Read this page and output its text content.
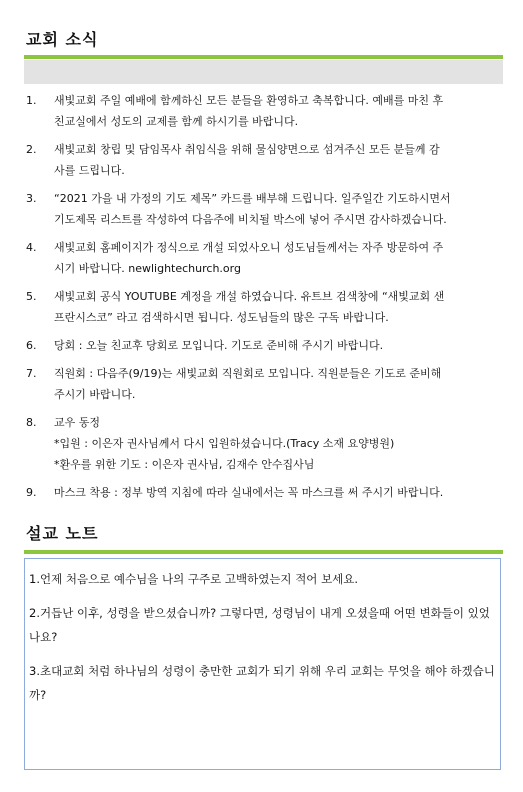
교회 소식
1.	새빛교회 주일 예배에 함께하신 모든 분들을 환영하고 축복합니다. 예배를 마친 후
친교실에서 성도의 교제를 함께 하시기를 바랍니다.
2.	새빛교회 창립 및 담임목사 취임식을 위해 물심양면으로 섬겨주신 모든 분들께 감
사를 드립니다.
3.	“2021 가을 내 가정의 기도 제목” 카드를 배부해 드립니다. 일주일간 기도하시면서
기도제목 리스트를 작성하여 다음주에 비치될 박스에 넣어 주시면 감사하겠습니다.
4.	새빛교회 홈페이지가 정식으로 개설 되었사오니 성도님들께서는 자주 방문하여 주
시기 바랍니다. newlightechurch.org
5.	새빛교회 공식 YOUTUBE 계정을 개설 하였습니다. 유트브 검색창에 “새빛교회 샌
프란시스코” 라고 검색하시면 됩니다. 성도님들의 많은 구독 바랍니다.
6.	당회 : 오늘 친교후 당회로 모입니다. 기도로 준비해 주시기 바랍니다.
7.	직원회 : 다음주(9/19)는 새빛교회 직원회로 모입니다. 직원분들은 기도로 준비해
주시기 바랍니다.
8.	교우 동정
*입원 : 이은자 권사님께서 다시 입원하셨습니다.(Tracy 소재 요양병원)
*환우를 위한 기도 : 이은자 권사님, 김재수 안수집사님
9.	마스크 착용 : 정부 방역 지침에 따라 실내에서는 꼭 마스크를 써 주시기 바랍니다.
설교 노트

1.언제 처음으로 예수님을 나의 구주로 고백하였는지 적어 보세요.

2.거듭난 이후, 성령을 받으셨습니까? 그렇다면, 성령님이 내게 오셨을때 어떤 변화들이 있었나요?

3.초대교회 처럼 하나님의 성령이 충만한 교회가 되기 위해 우리 교회는 무엇을 해야 하겠습니까?
